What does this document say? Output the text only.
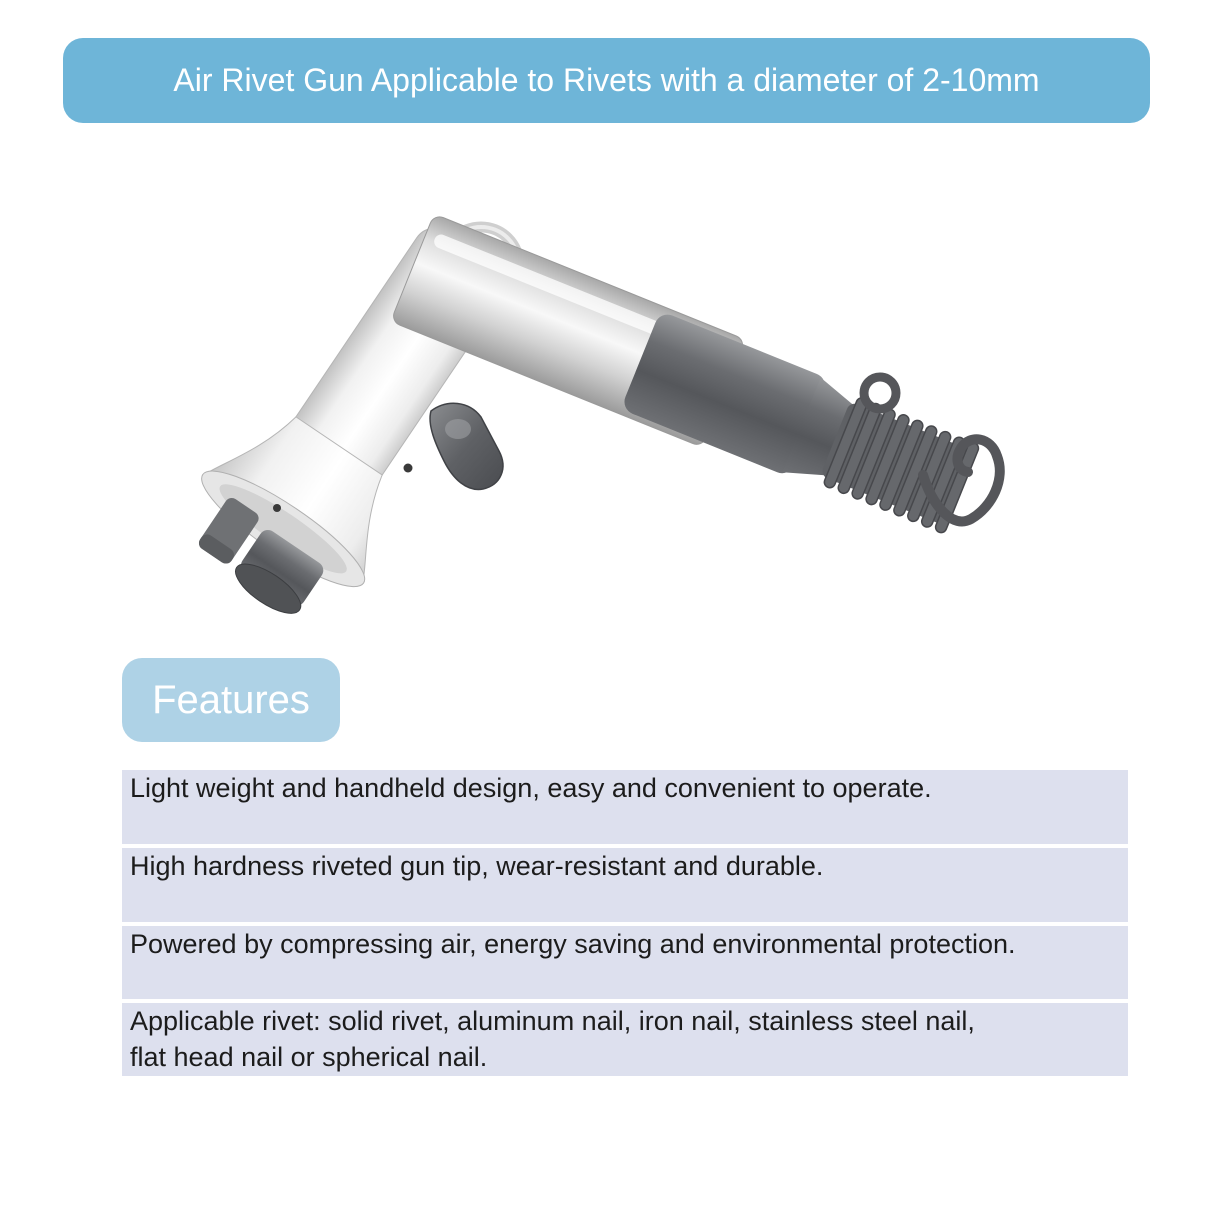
Air Rivet Gun Applicable to Rivets with a diameter of 2-10mm
Features
Light weight and handheld design, easy and convenient to operate.
High hardness riveted gun tip, wear-resistant and durable.
Powered by compressing air, energy saving and environmental protection.
Applicable rivet: solid rivet, aluminum nail, iron nail, stainless steel nail,
flat head nail or spherical nail.
